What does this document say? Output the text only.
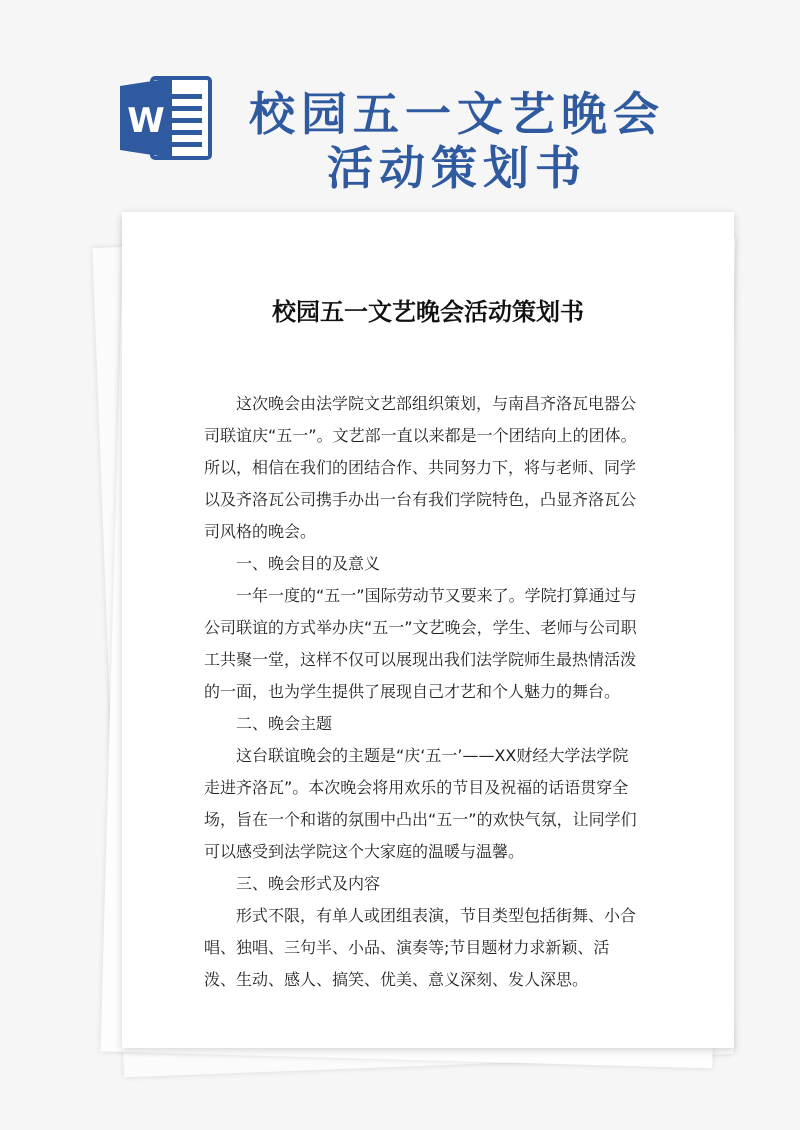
W 校园五一文艺晚会
活动策划书
校园五一文艺晚会活动策划书

这次晚会由法学院文艺部组织策划，与南昌齐洛瓦电器公司联谊庆“五一”。文艺部一直以来都是一个团结向上的团体。所以，相信在我们的团结合作、共同努力下，将与老师、同学以及齐洛瓦公司携手办出一台有我们学院特色，凸显齐洛瓦公司风格的晚会。

一、晚会目的及意义

一年一度的“五一”国际劳动节又要来了。学院打算通过与公司联谊的方式举办庆“五一”文艺晚会，学生、老师与公司职工共聚一堂，这样不仅可以展现出我们法学院师生最热情活泼的一面，也为学生提供了展现自己才艺和个人魅力的舞台。

二、晚会主题

这台联谊晚会的主题是“庆‘五一’——XX财经大学法学院走进齐洛瓦”。本次晚会将用欢乐的节目及祝福的话语贯穿全场，旨在一个和谐的氛围中凸出“五一”的欢快气氛，让同学们可以感受到法学院这个大家庭的温暖与温馨。

三、晚会形式及内容

形式不限，有单人或团组表演，节目类型包括街舞、小合唱、独唱、三句半、小品、演奏等;节目题材力求新颖、活泼、生动、感人、搞笑、优美、意义深刻、发人深思。
